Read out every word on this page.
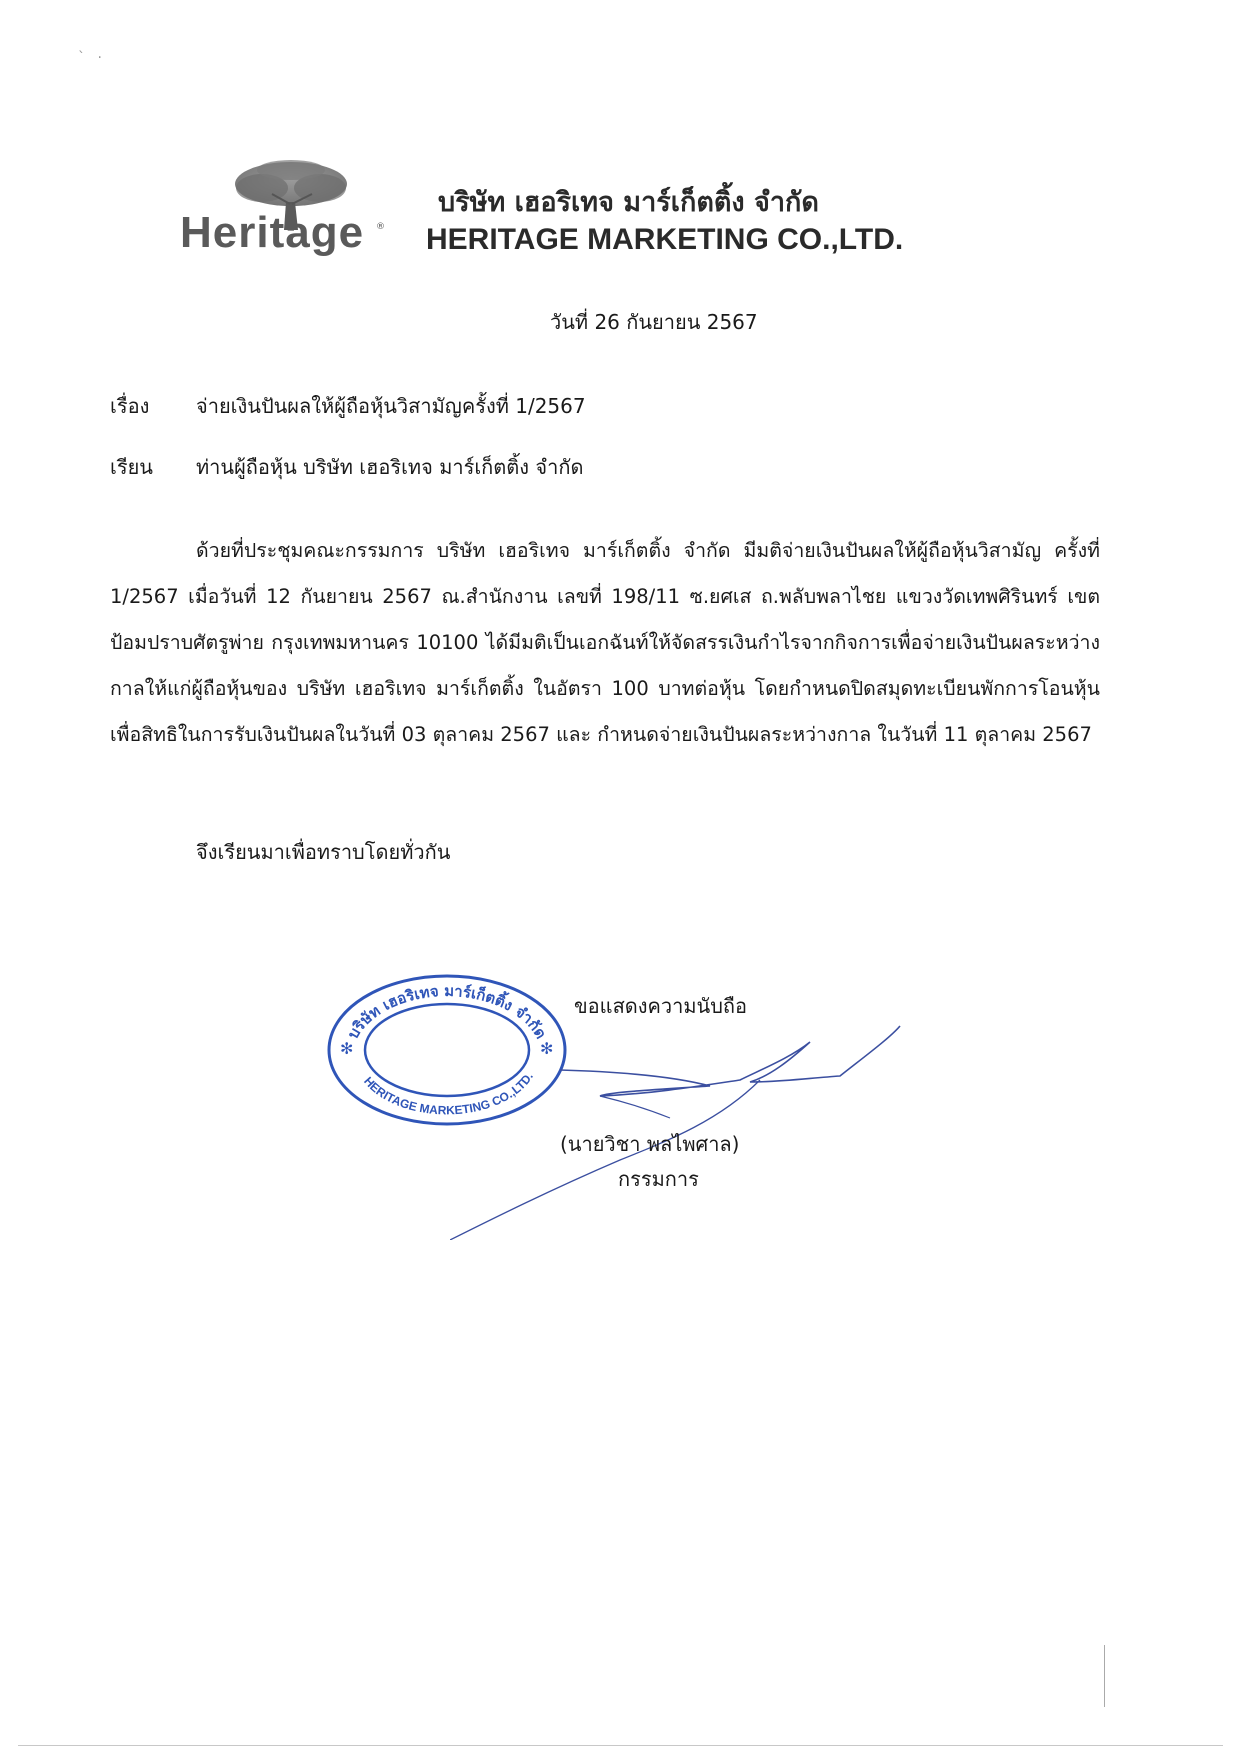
` ·
Heritage ®
บริษัท เฮอริเทจ มาร์เก็ตติ้ง จำกัด
HERITAGE MARKETING CO.,LTD.
วันที่ 26 กันยายน 2567
เรื่อง จ่ายเงินปันผลให้ผู้ถือหุ้นวิสามัญครั้งที่ 1/2567
เรียน ท่านผู้ถือหุ้น บริษัท เฮอริเทจ มาร์เก็ตติ้ง จำกัด
ด้วยที่ประชุมคณะกรรมการ บริษัท เฮอริเทจ มาร์เก็ตติ้ง จำกัด มีมติจ่ายเงินปันผลให้ผู้ถือหุ้นวิสามัญ ครั้งที่ 1/2567 เมื่อวันที่ 12 กันยายน 2567 ณ.สำนักงาน เลขที่ 198/11 ซ.ยศเส ถ.พลับพลาไชย แขวงวัดเทพศิรินทร์ เขตป้อมปราบศัตรูพ่าย กรุงเทพมหานคร 10100 ได้มีมติเป็นเอกฉันท์ให้จัดสรรเงินกำไรจากกิจการเพื่อจ่ายเงินปันผลระหว่างกาลให้แก่ผู้ถือหุ้นของ บริษัท เฮอริเทจ มาร์เก็ตติ้ง ในอัตรา 100 บาทต่อหุ้น โดยกำหนดปิดสมุดทะเบียนพักการโอนหุ้นเพื่อสิทธิในการรับเงินปันผลในวันที่ 03 ตุลาคม 2567 และ กำหนดจ่ายเงินปันผลระหว่างกาล ในวันที่ 11 ตุลาคม 2567
จึงเรียนมาเพื่อทราบโดยทั่วกัน
บริษัท เฮอริเทจ มาร์เก็ตติ้ง จำกัด
HERITAGE MARKETING CO.,LTD.
✻	✻
ขอแสดงความนับถือ
(นายวิชา พลไพศาล)
กรรมการ
